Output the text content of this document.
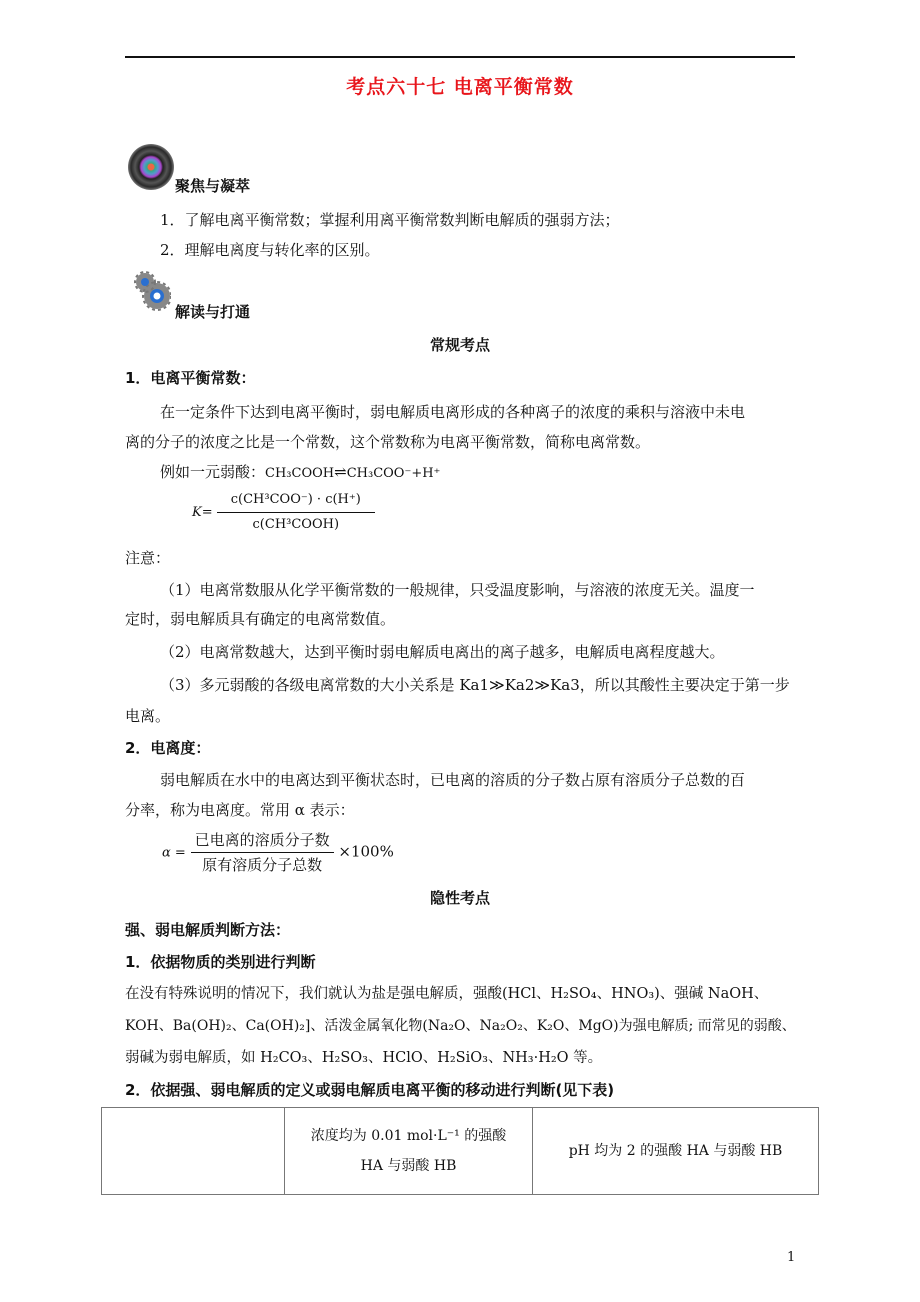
考点六十七 电离平衡常数
聚焦与凝萃
1．了解电离平衡常数；掌握利用离平衡常数判断电解质的强弱方法；
2．理解电离度与转化率的区别。
解读与打通
常规考点
1．电离平衡常数：
在一定条件下达到电离平衡时，弱电解质电离形成的各种离子的浓度的乘积与溶液中未电
离的分子的浓度之比是一个常数，这个常数称为电离平衡常数，简称电离常数。
例如一元弱酸：CH₃COOH⇌CH₃COO⁻+H⁺
$K= \frac{\text{c(CH³COO⁻) · c(H⁺)}}{\text{c(CH³COOH)}}$
注意：
（1）电离常数服从化学平衡常数的一般规律，只受温度影响，与溶液的浓度无关。温度一
定时，弱电解质具有确定的电离常数值。
（2）电离常数越大，达到平衡时弱电解质电离出的离子越多，电解质电离程度越大。
（3）多元弱酸的各级电离常数的大小关系是 Ka1≫Ka2≫Ka3，所以其酸性主要决定于第一步
电离。
2．电离度：
弱电解质在水中的电离达到平衡状态时，已电离的溶质的分子数占原有溶质分子总数的百
分率，称为电离度。常用 α 表示：
$\alpha = \frac{\text{已电离的溶质分子数}}{\text{原有溶质分子总数}} \times 100\%$
隐性考点
强、弱电解质判断方法：
1．依据物质的类别进行判断
在没有特殊说明的情况下，我们就认为盐是强电解质，强酸(HCl、H₂SO₄、HNO₃)、强碱 NaOH、
KOH、Ba(OH)₂、Ca(OH)₂]、活泼金属氧化物(Na₂O、Na₂O₂、K₂O、MgO)为强电解质; 而常见的弱酸、
弱碱为弱电解质，如 H₂CO₃、H₂SO₃、HClO、H₂SiO₃、NH₃·H₂O 等。
2．依据强、弱电解质的定义或弱电解质电离平衡的移动进行判断(见下表)

浓度均为 0.01 mol·L⁻¹ 的强酸
HA 与弱酸 HB
	pH 均为 2 的强酸 HA 与弱酸 HB
1
